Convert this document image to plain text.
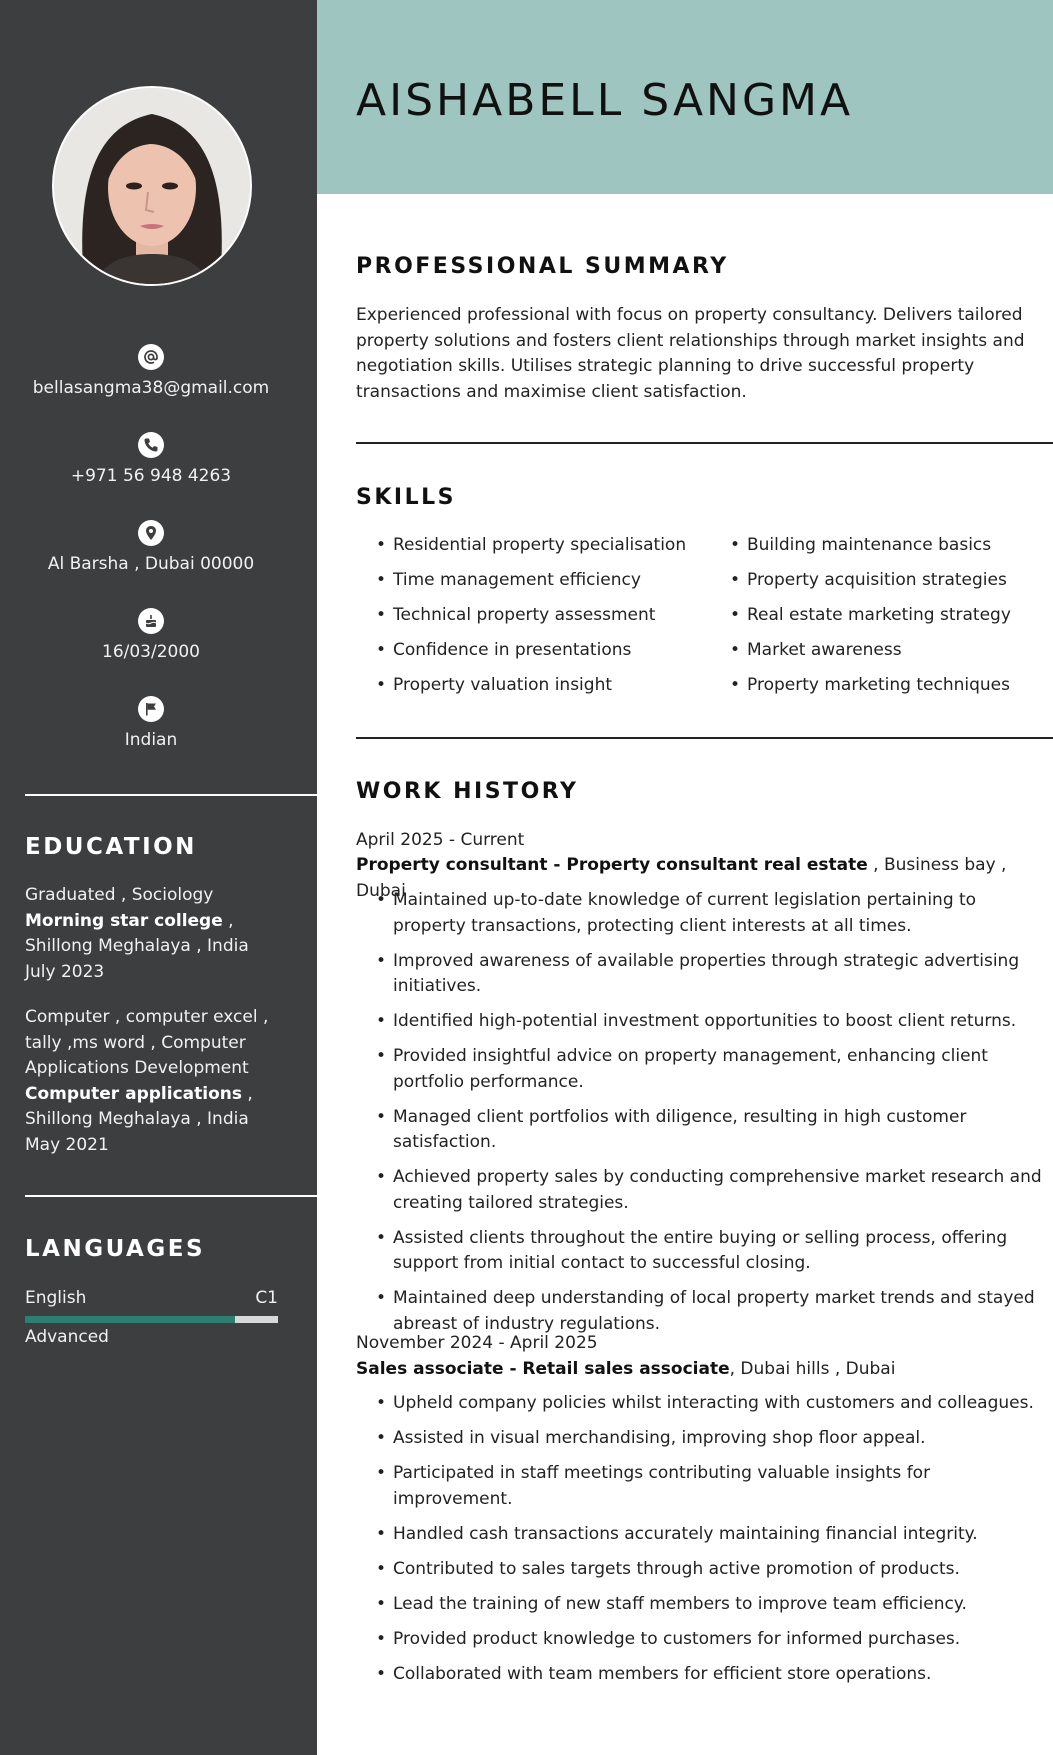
bellasangma38@gmail.com
+971 56 948 4263
Al Barsha , Dubai 00000
16/03/2000
Indian
EDUCATION
Graduated , Sociology
Morning star college , Shillong Meghalaya , India
July 2023
Computer , computer excel , tally ,ms word , Computer Applications Development
Computer applications , Shillong Meghalaya , India
May 2021
LANGUAGES
English	C1
Advanced
AISHABELL SANGMA
PROFESSIONAL SUMMARY

Experienced professional with focus on property consultancy. Delivers tailored property solutions and fosters client relationships through market insights and negotiation skills. Utilises strategic planning to drive successful property transactions and maximise client satisfaction.

SKILLS
• Residential property specialisation
• Time management efficiency
• Technical property assessment
• Confidence in presentations
• Property valuation insight
• Building maintenance basics
• Property acquisition strategies
• Real estate marketing strategy
• Market awareness
• Property marketing techniques
WORK HISTORY
April 2025 - Current
Property consultant - Property consultant real estate , Business bay , Dubai
• Maintained up-to-date knowledge of current legislation pertaining to property transactions, protecting client interests at all times.
• Improved awareness of available properties through strategic advertising initiatives.
• Identified high-potential investment opportunities to boost client returns.
• Provided insightful advice on property management, enhancing client portfolio performance.
• Managed client portfolios with diligence, resulting in high customer satisfaction.
• Achieved property sales by conducting comprehensive market research and creating tailored strategies.
• Assisted clients throughout the entire buying or selling process, offering support from initial contact to successful closing.
• Maintained deep understanding of local property market trends and stayed abreast of industry regulations.
November 2024 - April 2025
Sales associate - Retail sales associate, Dubai hills , Dubai
• Upheld company policies whilst interacting with customers and colleagues.
• Assisted in visual merchandising, improving shop floor appeal.
• Participated in staff meetings contributing valuable insights for improvement.
• Handled cash transactions accurately maintaining financial integrity.
• Contributed to sales targets through active promotion of products.
• Lead the training of new staff members to improve team efficiency.
• Provided product knowledge to customers for informed purchases.
• Collaborated with team members for efficient store operations.
